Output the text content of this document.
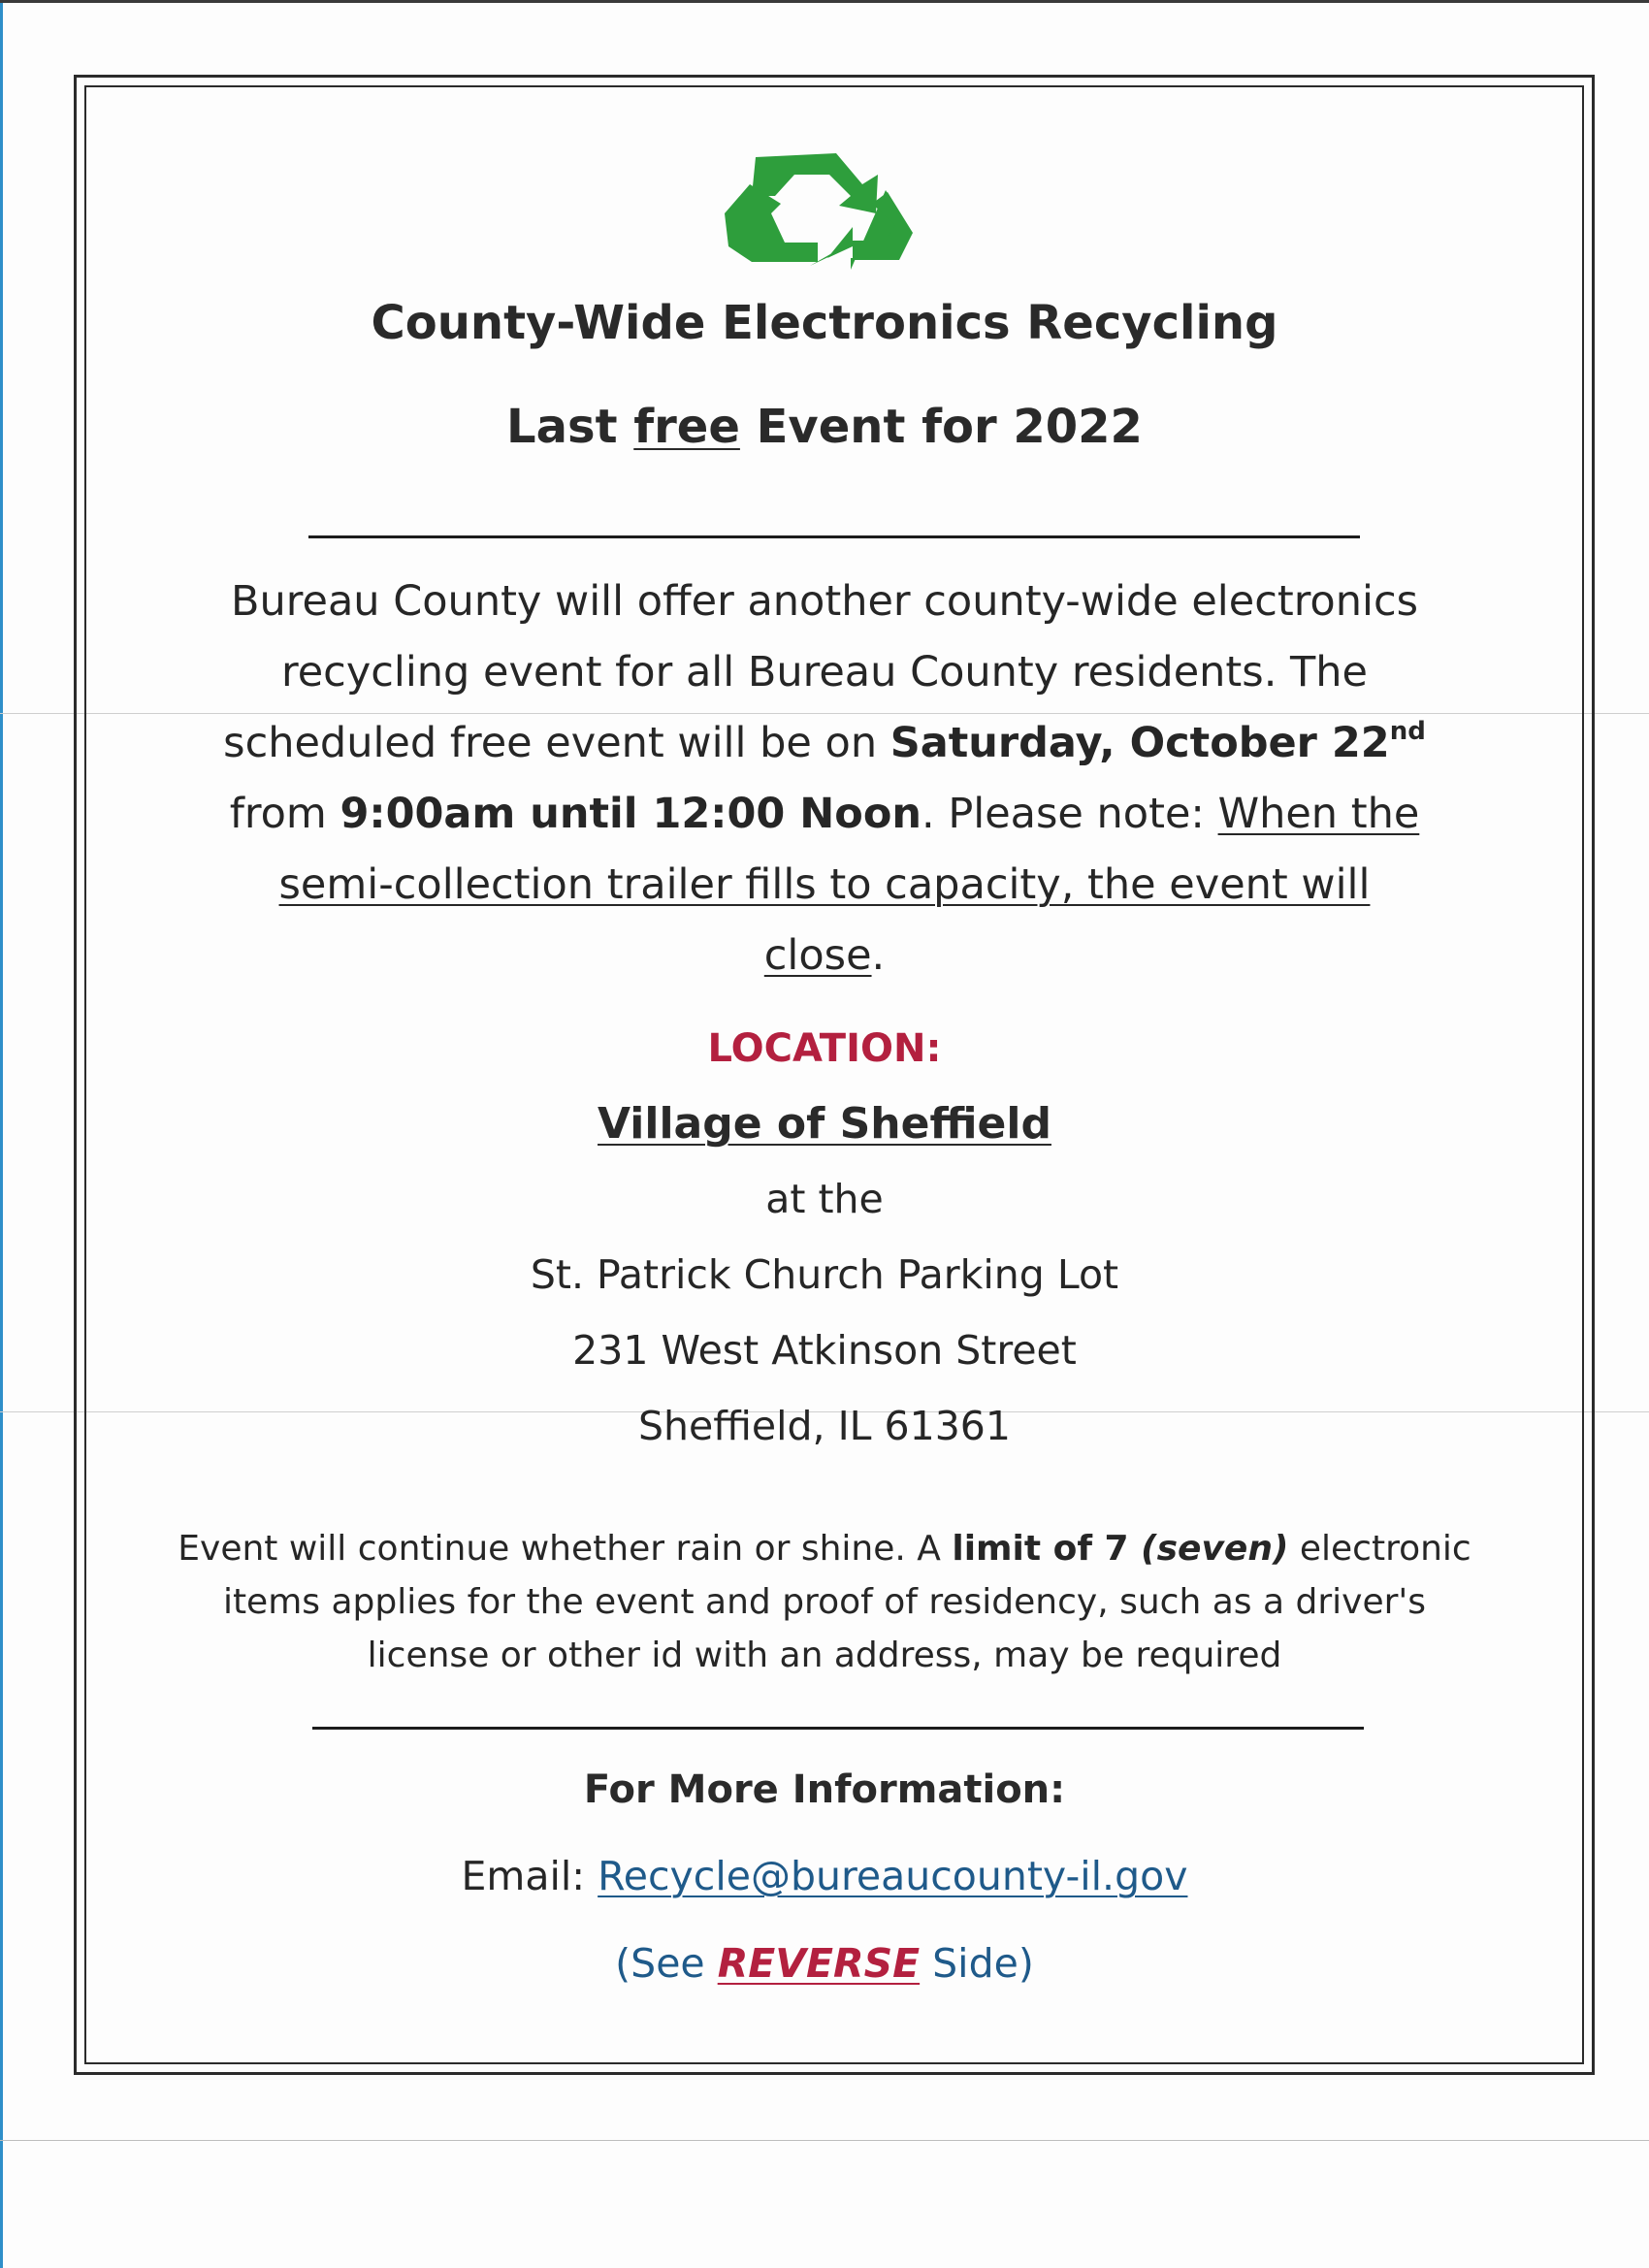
County-Wide Electronics Recycling
Last free Event for 2022
Bureau County will offer another county-wide electronics
recycling event for all Bureau County residents. The
scheduled free event will be on Saturday, October 22nd
from 9:00am until 12:00 Noon. Please note: When the
semi-collection trailer fills to capacity, the event will
close.
LOCATION:
Village of Sheffield
at the
St. Patrick Church Parking Lot
231 West Atkinson Street
Sheffield, IL 61361
Event will continue whether rain or shine. A limit of 7 (seven) electronic
items applies for the event and proof of residency, such as a driver's
license or other id with an address, may be required
For More Information:
Email: Recycle@bureaucounty-il.gov
(See REVERSE Side)
